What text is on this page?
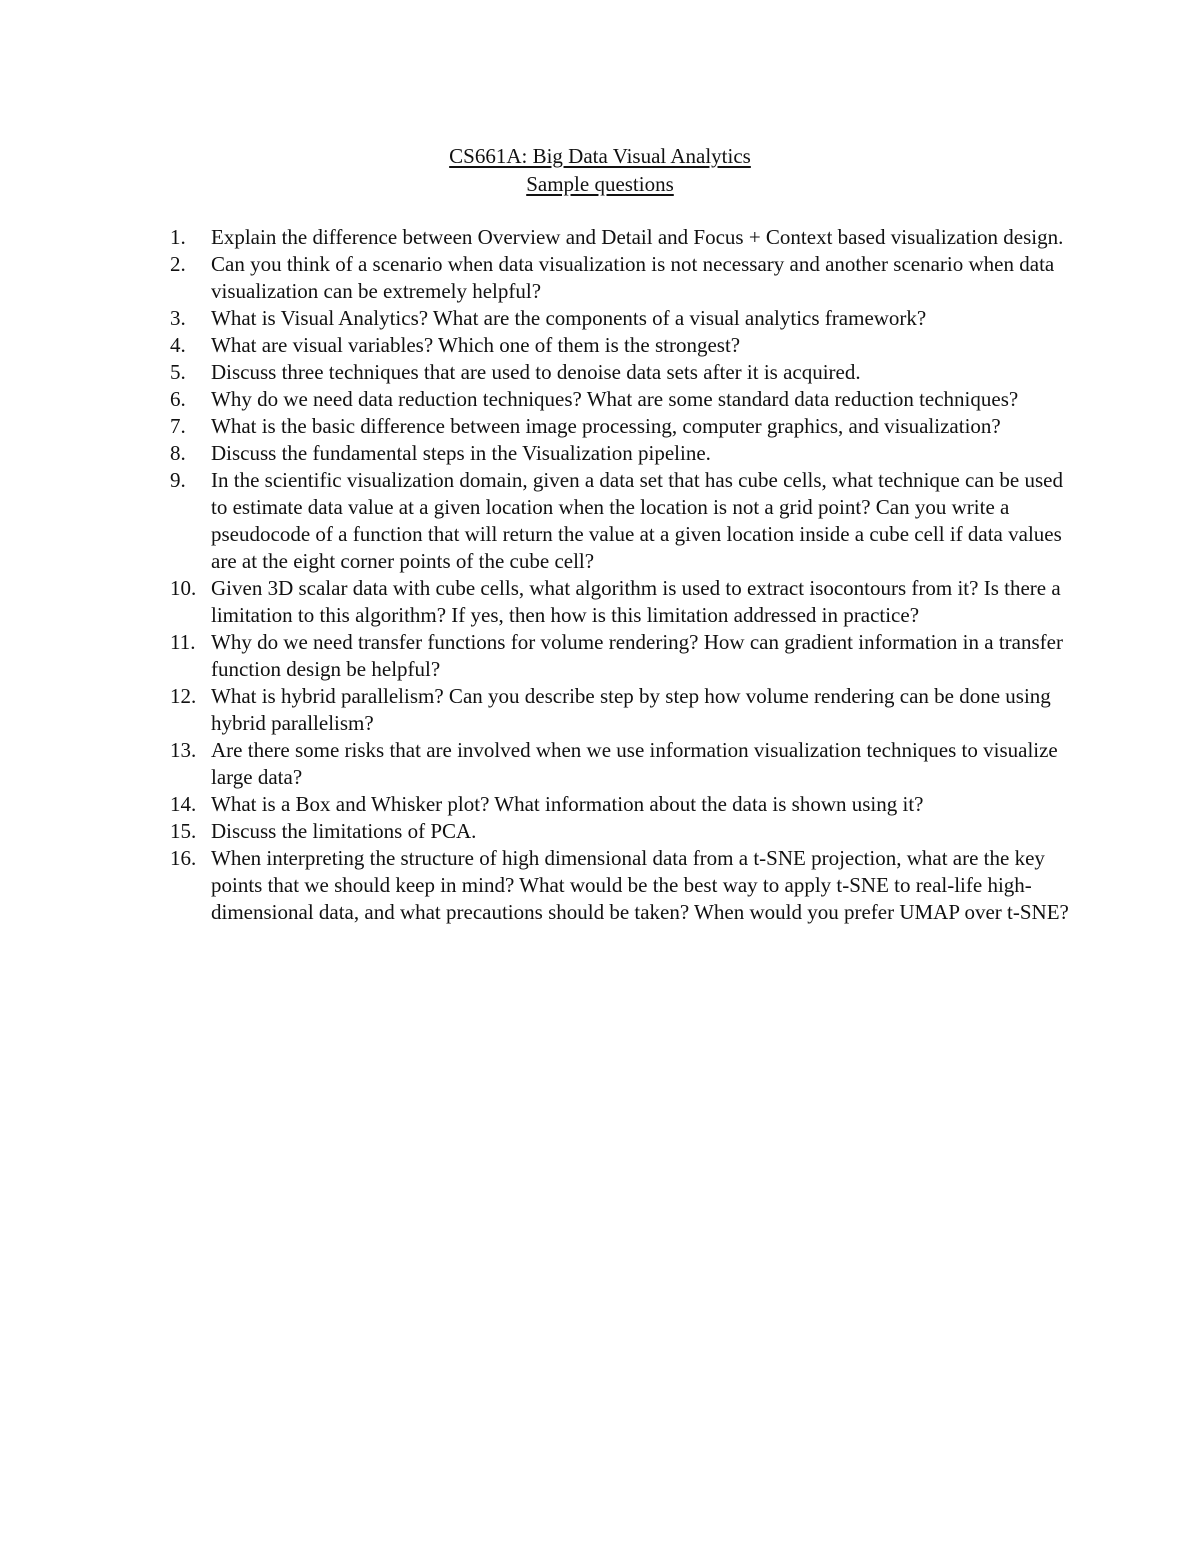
CS661A: Big Data Visual Analytics
Sample questions
1.	Explain the difference between Overview and Detail and Focus + Context based visualization design.
2.	Can you think of a scenario when data visualization is not necessary and another scenario when data visualization can be extremely helpful?
3.	What is Visual Analytics? What are the components of a visual analytics framework?
4.	What are visual variables? Which one of them is the strongest?
5.	Discuss three techniques that are used to denoise data sets after it is acquired.
6.	Why do we need data reduction techniques? What are some standard data reduction techniques?
7.	What is the basic difference between image processing, computer graphics, and visualization?
8.	Discuss the fundamental steps in the Visualization pipeline.
9.	In the scientific visualization domain, given a data set that has cube cells, what technique can be used to estimate data value at a given location when the location is not a grid point? Can you write a pseudocode of a function that will return the value at a given location inside a cube cell if data values are at the eight corner points of the cube cell?
10. Given 3D scalar data with cube cells, what algorithm is used to extract isocontours from it? Is there a limitation to this algorithm? If yes, then how is this limitation addressed in practice?
11. Why do we need transfer functions for volume rendering? How can gradient information in a transfer function design be helpful?
12. What is hybrid parallelism? Can you describe step by step how volume rendering can be done using hybrid parallelism?
13. Are there some risks that are involved when we use information visualization techniques to visualize large data?
14. What is a Box and Whisker plot? What information about the data is shown using it?
15. Discuss the limitations of PCA.
16. When interpreting the structure of high dimensional data from a t-SNE projection, what are the key points that we should keep in mind? What would be the best way to apply t-SNE to real-life high-dimensional data, and what precautions should be taken? When would you prefer UMAP over t-SNE?
